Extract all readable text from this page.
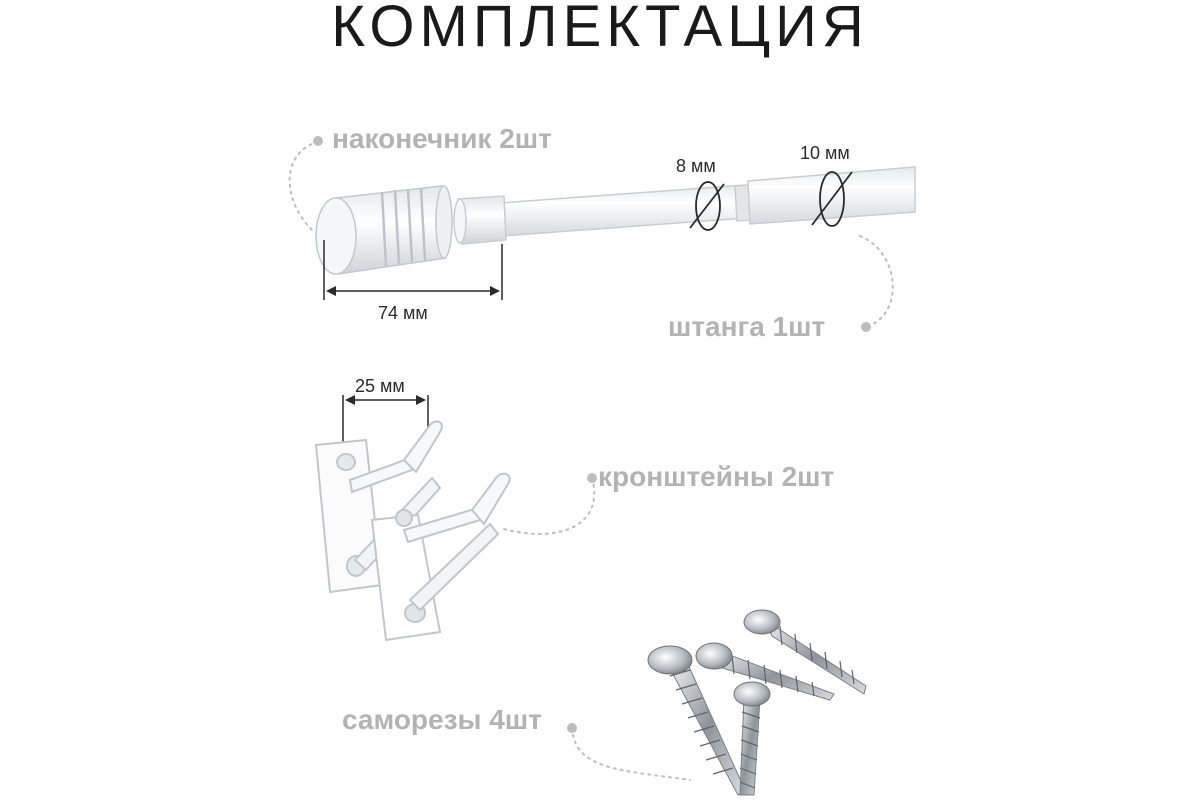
КОМПЛЕКТАЦИЯ
наконечник 2шт
штанга 1шт
кронштейны 2шт
саморезы 4шт
74 мм
8 мм
10 мм
25 мм
